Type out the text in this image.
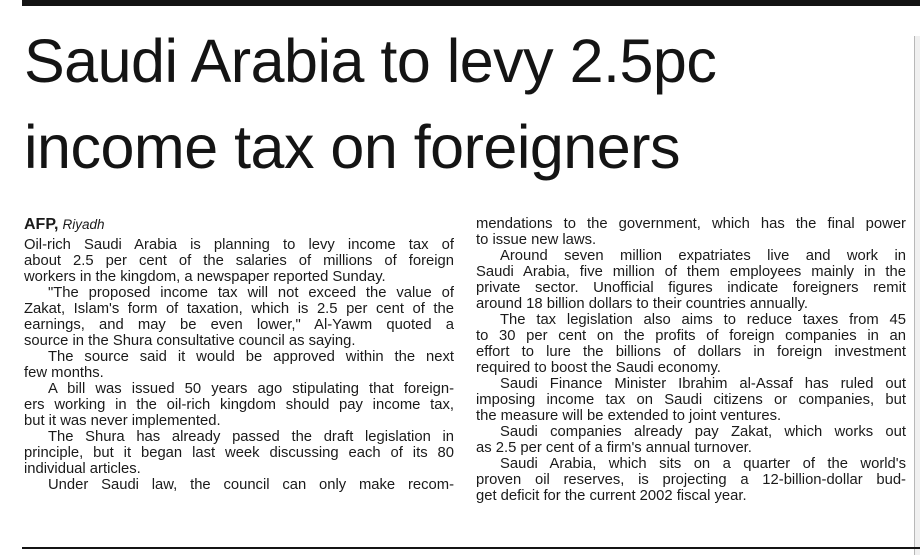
Saudi Arabia to levy 2.5pc
income tax on foreigners
AFP, Riyadh
Oil-rich Saudi Arabia is planning to levy income tax of
about 2.5 per cent of the salaries of millions of foreign
workers in the kingdom, a newspaper reported Sunday.
"The proposed income tax will not exceed the value of
Zakat, Islam's form of taxation, which is 2.5 per cent of the
earnings, and may be even lower," Al-Yawm quoted a
source in the Shura consultative council as saying.
The source said it would be approved within the next
few months.
A bill was issued 50 years ago stipulating that foreign-
ers working in the oil-rich kingdom should pay income tax,
but it was never implemented.
The Shura has already passed the draft legislation in
principle, but it began last week discussing each of its 80
individual articles.
Under Saudi law, the council can only make recom-
mendations to the government, which has the final power
to issue new laws.
Around seven million expatriates live and work in
Saudi Arabia, five million of them employees mainly in the
private sector. Unofficial figures indicate foreigners remit
around 18 billion dollars to their countries annually.
The tax legislation also aims to reduce taxes from 45
to 30 per cent on the profits of foreign companies in an
effort to lure the billions of dollars in foreign investment
required to boost the Saudi economy.
Saudi Finance Minister Ibrahim al-Assaf has ruled out
imposing income tax on Saudi citizens or companies, but
the measure will be extended to joint ventures.
Saudi companies already pay Zakat, which works out
as 2.5 per cent of a firm's annual turnover.
Saudi Arabia, which sits on a quarter of the world's
proven oil reserves, is projecting a 12-billion-dollar bud-
get deficit for the current 2002 fiscal year.
